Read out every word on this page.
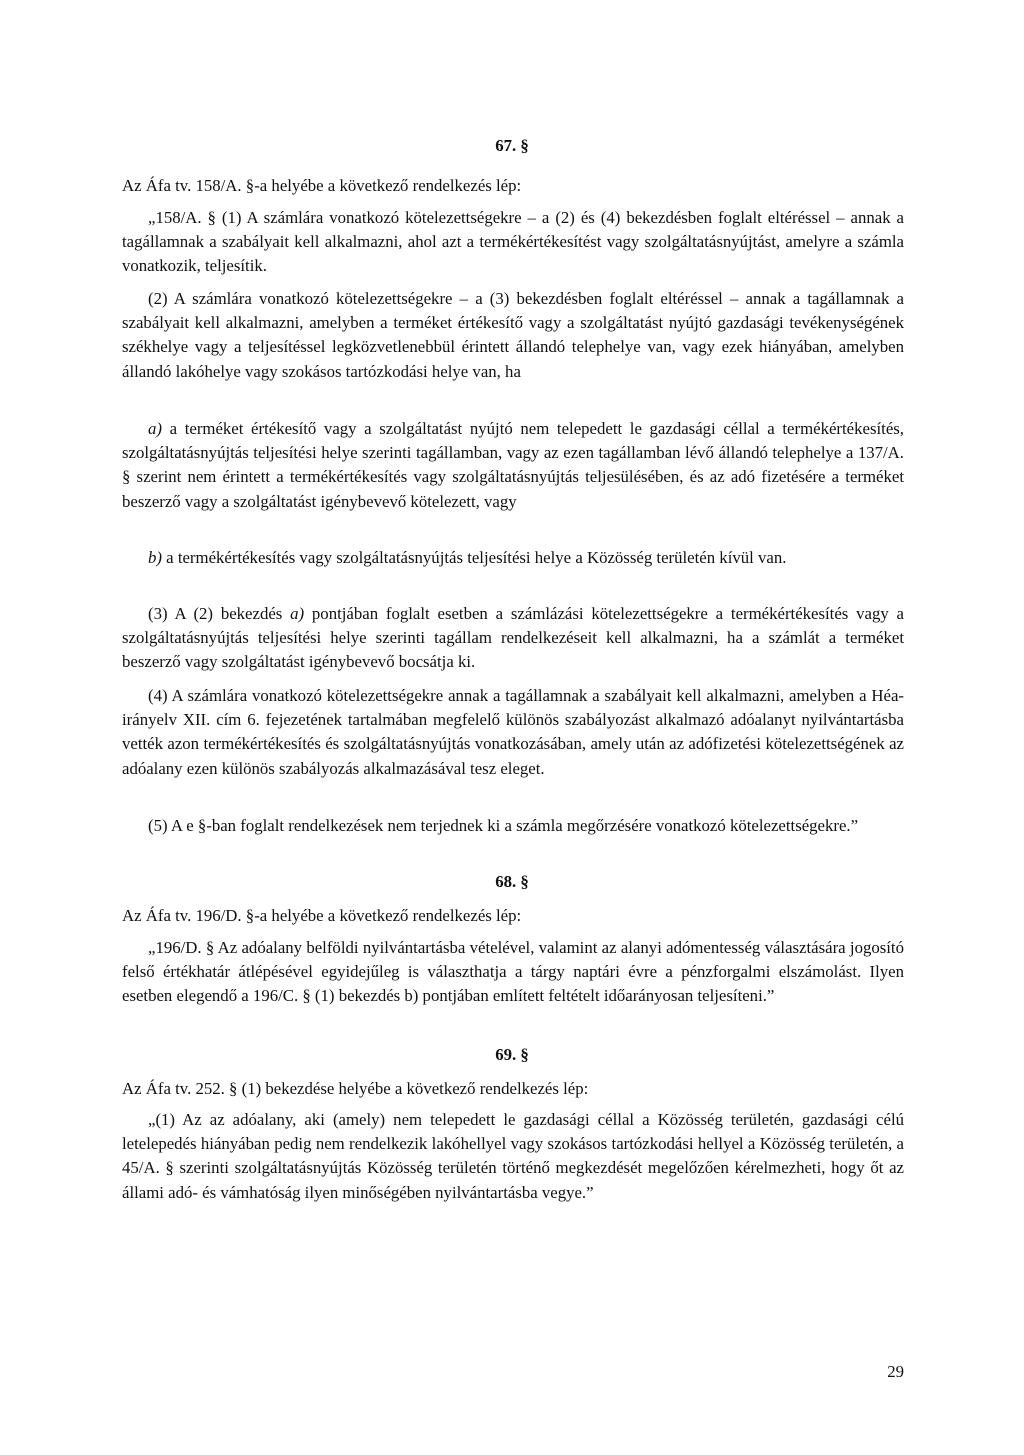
67. §
Az Áfa tv. 158/A. §-a helyébe a következő rendelkezés lép:

„158/A. § (1) A számlára vonatkozó kötelezettségekre – a (2) és (4) bekezdésben foglalt eltéréssel – annak a tagállamnak a szabályait kell alkalmazni, ahol azt a termékértékesítést vagy szolgáltatásnyújtást, amelyre a számla vonatkozik, teljesítik.

(2) A számlára vonatkozó kötelezettségekre – a (3) bekezdésben foglalt eltéréssel – annak a tagállamnak a szabályait kell alkalmazni, amelyben a terméket értékesítő vagy a szolgáltatást nyújtó gazdasági tevékenységének székhelye vagy a teljesítéssel legközvetlenebbül érintett állandó telephelye van, vagy ezek hiányában, amelyben állandó lakóhelye vagy szokásos tartózkodási helye van, ha

a) a terméket értékesítő vagy a szolgáltatást nyújtó nem telepedett le gazdasági céllal a termékértékesítés, szolgáltatásnyújtás teljesítési helye szerinti tagállamban, vagy az ezen tagállamban lévő állandó telephelye a 137/A. § szerint nem érintett a termékértékesítés vagy szolgáltatásnyújtás teljesülésében, és az adó fizetésére a terméket beszerző vagy a szolgáltatást igénybevevő kötelezett, vagy

b) a termékértékesítés vagy szolgáltatásnyújtás teljesítési helye a Közösség területén kívül van.

(3) A (2) bekezdés a) pontjában foglalt esetben a számlázási kötelezettségekre a termékértékesítés vagy a szolgáltatásnyújtás teljesítési helye szerinti tagállam rendelkezéseit kell alkalmazni, ha a számlát a terméket beszerző vagy szolgáltatást igénybevevő bocsátja ki.

(4) A számlára vonatkozó kötelezettségekre annak a tagállamnak a szabályait kell alkalmazni, amelyben a Héa-irányelv XII. cím 6. fejezetének tartalmában megfelelő különös szabályozást alkalmazó adóalanyt nyilvántartásba vették azon termékértékesítés és szolgáltatásnyújtás vonatkozásában, amely után az adófizetési kötelezettségének az adóalany ezen különös szabályozás alkalmazásával tesz eleget.

(5) A e §-ban foglalt rendelkezések nem terjednek ki a számla megőrzésére vonatkozó kötelezettségekre.”

68. §
Az Áfa tv. 196/D. §-a helyébe a következő rendelkezés lép:

„196/D. § Az adóalany belföldi nyilvántartásba vételével, valamint az alanyi adómentesség választására jogosító felső értékhatár átlépésével egyidejűleg is választhatja a tárgy naptári évre a pénzforgalmi elszámolást. Ilyen esetben elegendő a 196/C. § (1) bekezdés b) pontjában említett feltételt időarányosan teljesíteni.”

69. §
Az Áfa tv. 252. § (1) bekezdése helyébe a következő rendelkezés lép:

„(1) Az az adóalany, aki (amely) nem telepedett le gazdasági céllal a Közösség területén, gazdasági célú letelepedés hiányában pedig nem rendelkezik lakóhellyel vagy szokásos tartózkodási hellyel a Közösség területén, a 45/A. § szerinti szolgáltatásnyújtás Közösség területén történő megkezdését megelőzően kérelmezheti, hogy őt az állami adó- és vámhatóság ilyen minőségében nyilvántartásba vegye.”

29
